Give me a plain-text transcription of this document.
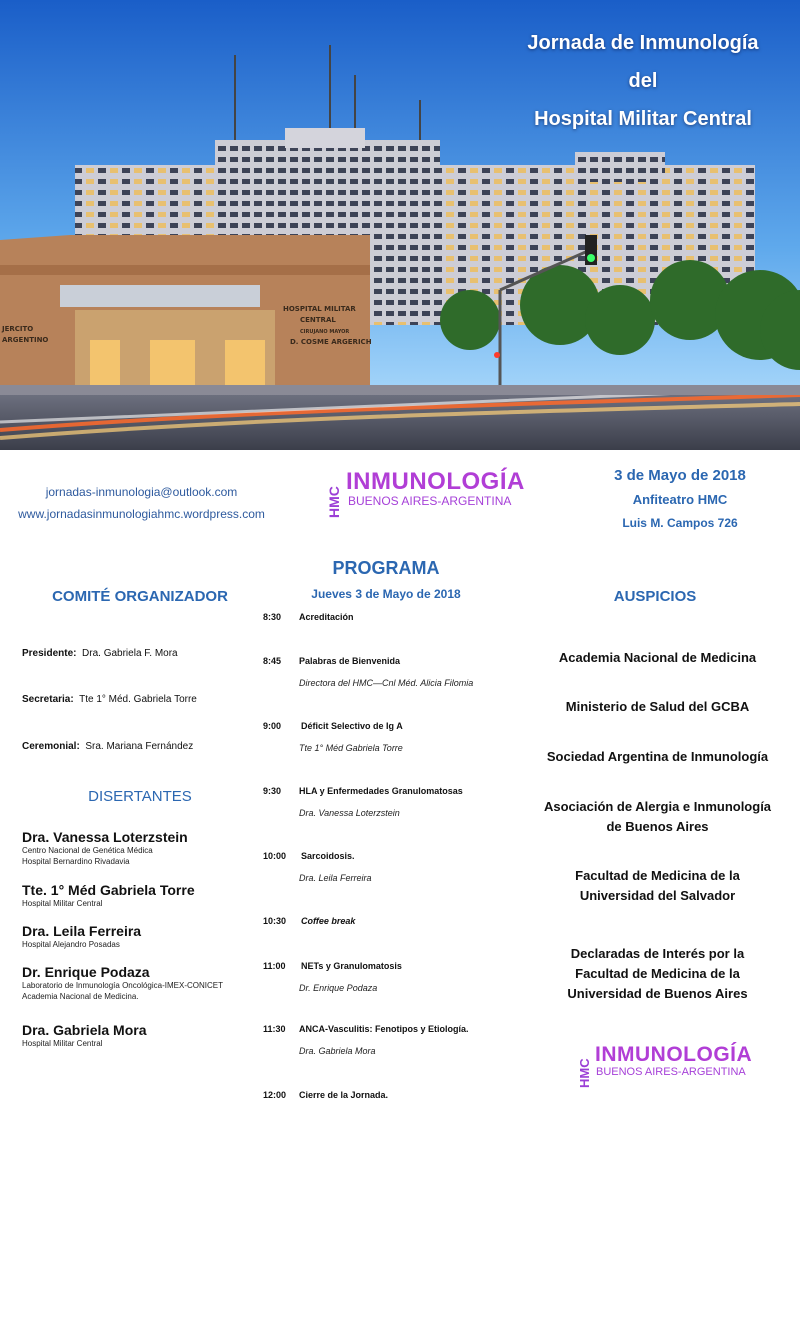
HOSPITAL MILITAR
CENTRAL
CIRUJANO MAYOR
D. COSME ARGERICH
JERCITO
ARGENTINO
Jornada de Inmunología
del
Hospital Militar Central
jornadas-inmunologia@outlook.com
www.jornadasinmunologiahmc.wordpress.com	HMC
INMUNOLOGÍA
BUENOS AIRES-ARGENTINA
3 de Mayo de 2018
Anfiteatro HMC
Luis M. Campos 726
COMITÉ ORGANIZADOR
Presidente: Dra. Gabriela F. Mora
Secretaria: Tte 1° Méd. Gabriela Torre
Ceremonial: Sra. Mariana Fernández
DISERTANTES
Dra. Vanessa Loterzstein
Centro Nacional de Genética Médica
Hospital Bernardino Rivadavia
Tte. 1° Méd Gabriela Torre
Hospital Militar Central
Dra. Leila Ferreira
Hospital Alejandro Posadas
Dr. Enrique Podaza
Laboratorio de Inmunología Oncológica-IMEX-CONICET
Academia Nacional de Medicina.
Dra. Gabriela Mora
Hospital Militar Central
PROGRAMA
Jueves 3 de Mayo de 2018
8:30 Acreditación
8:45 Palabras de Bienvenida
Directora del HMC—Cnl Méd. Alicia Filomia
9:00 Déficit Selectivo de Ig A
Tte 1° Méd Gabriela Torre
9:30 HLA y Enfermedades Granulomatosas
Dra. Vanessa Loterzstein
10:00 Sarcoidosis.
Dra. Leila Ferreira
10:30 Coffee break
11:00 NETs y Granulomatosis
Dr. Enrique Podaza
11:30 ANCA-Vasculitis: Fenotipos y Etiología.
Dra. Gabriela Mora
12:00 Cierre de la Jornada.
AUSPICIOS
Academia Nacional de Medicina
Ministerio de Salud del GCBA
Sociedad Argentina de Inmunología
Asociación de Alergia e Inmunología
de Buenos Aires
Facultad de Medicina de la
Universidad del Salvador
Declaradas de Interés por la
Facultad de Medicina de la
Universidad de Buenos Aires
HMC
INMUNOLOGÍA
BUENOS AIRES-ARGENTINA
